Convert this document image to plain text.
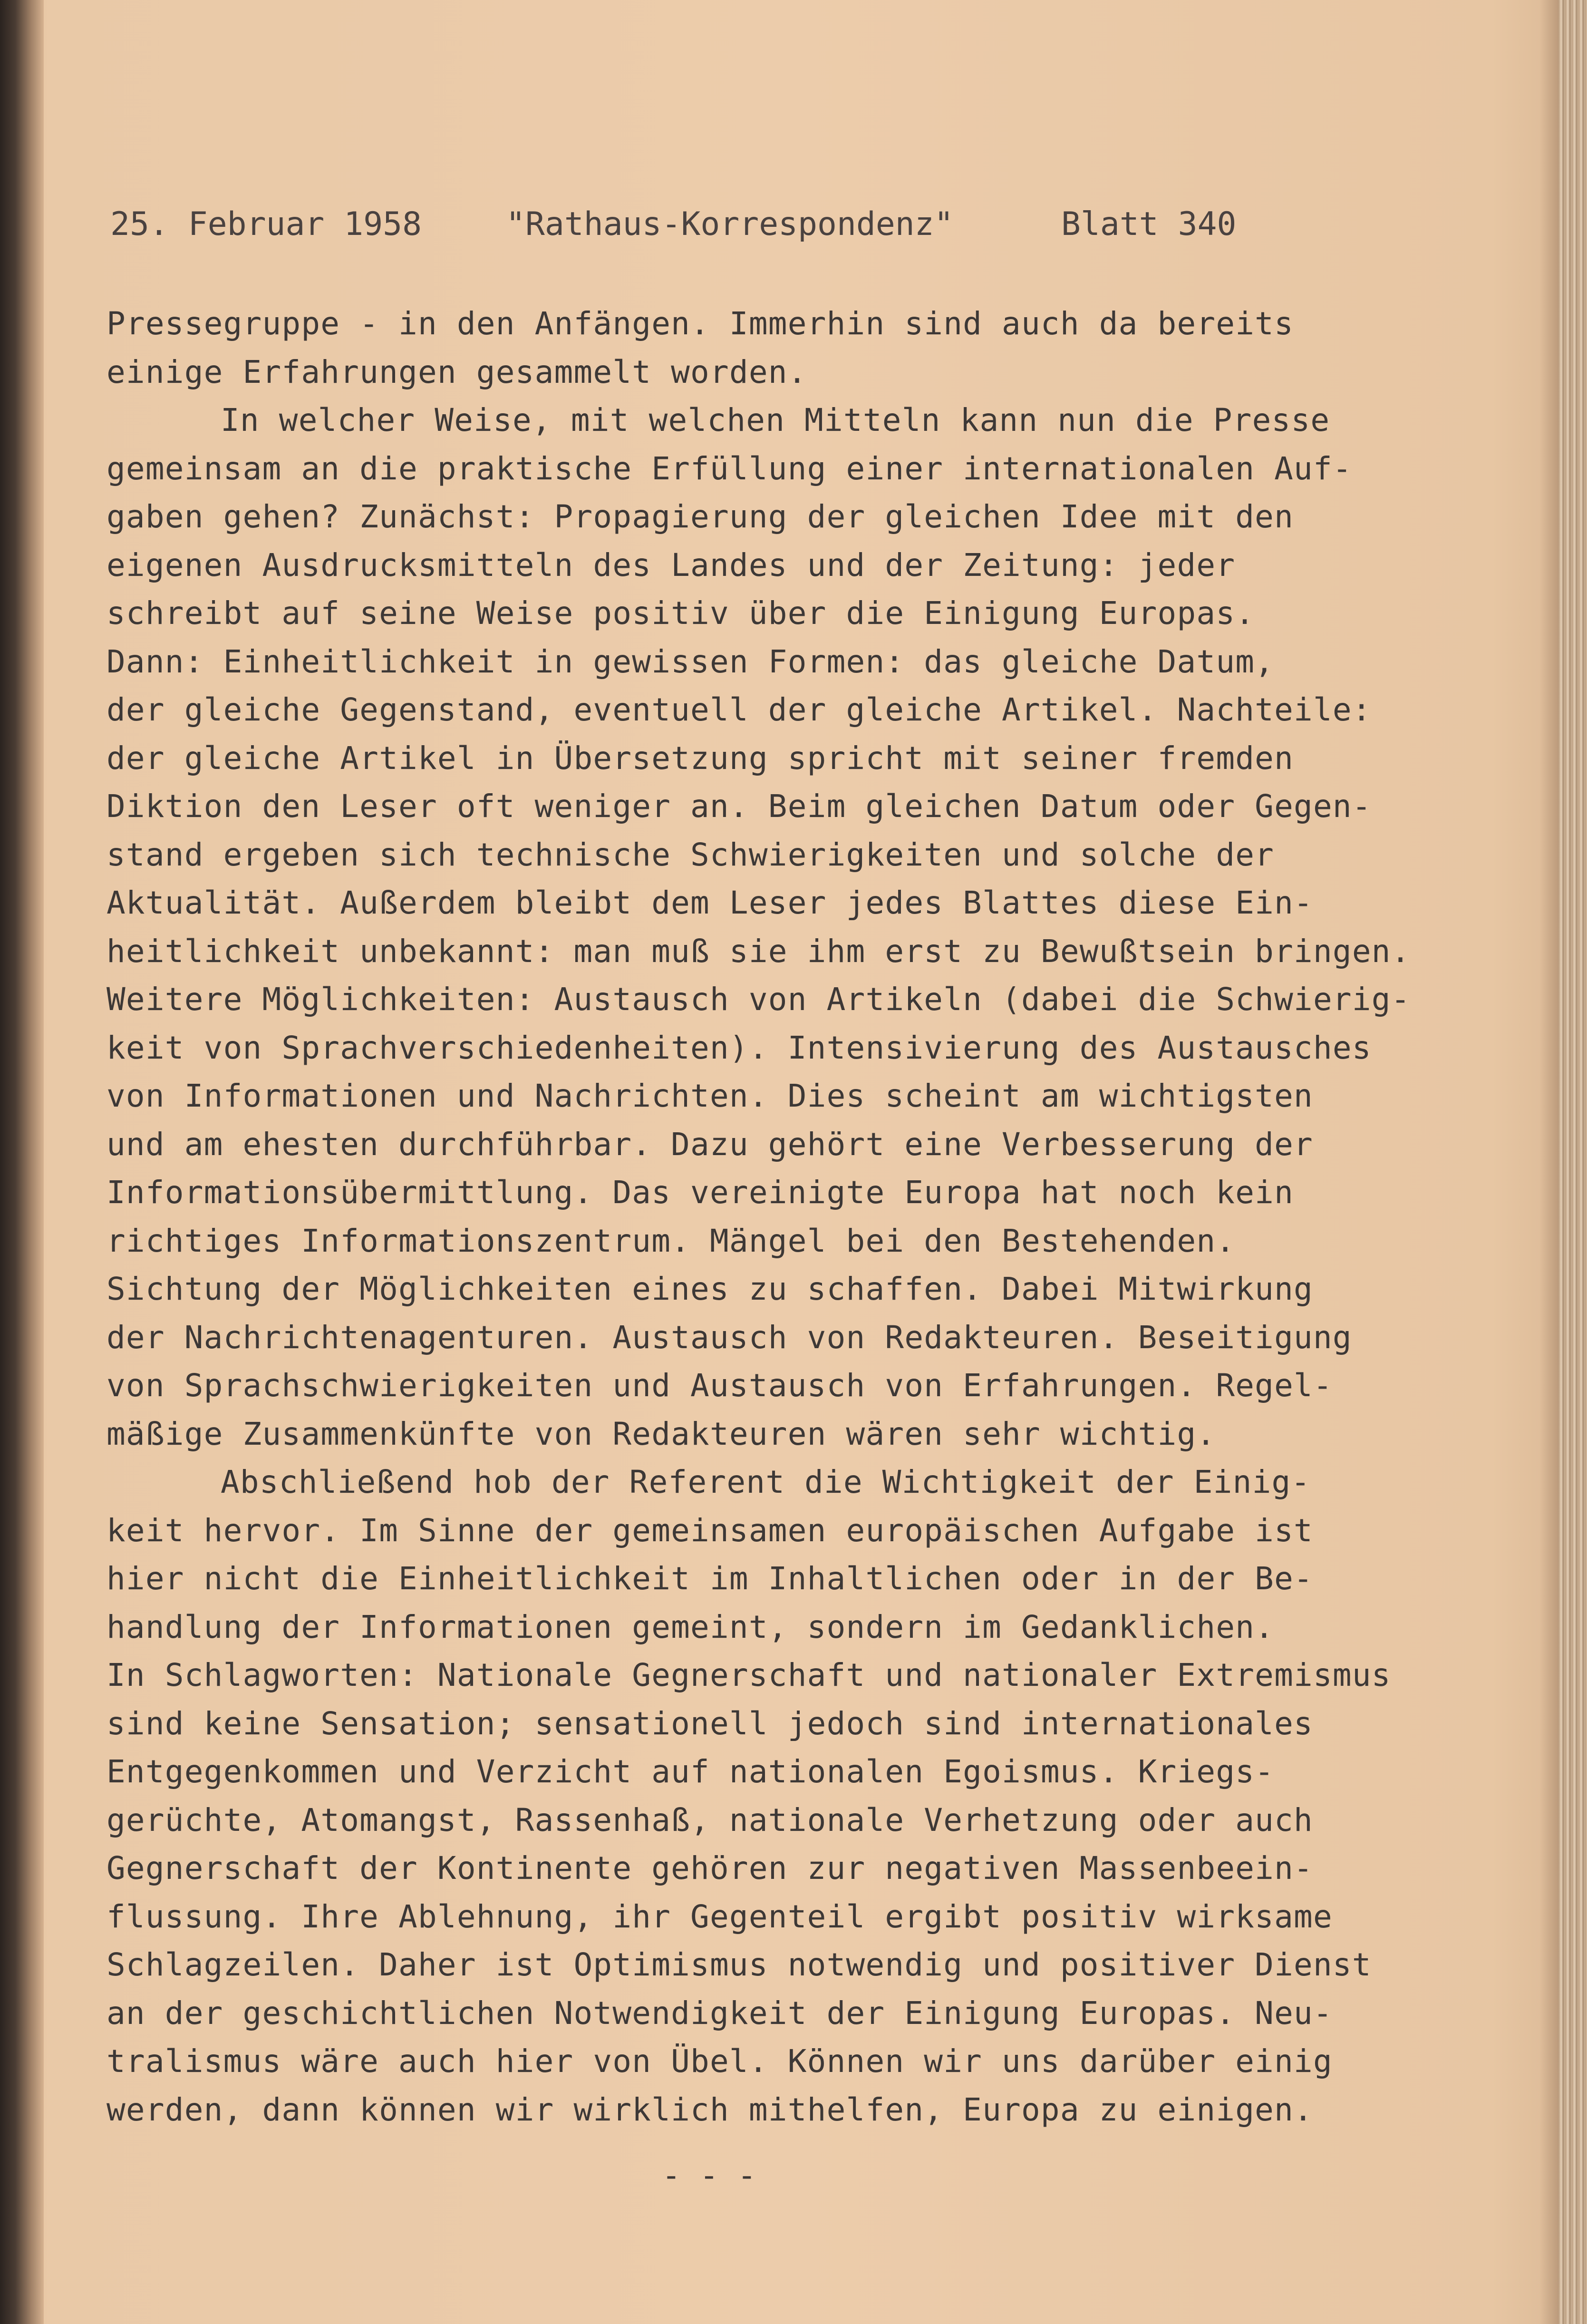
25. Februar 1958

	"Rathaus-Korrespondenz"

	Blatt 340

Pressegruppe - in den Anfängen. Immerhin sind auch da bereits
einige Erfahrungen gesammelt worden.
In welcher Weise, mit welchen Mitteln kann nun die Presse
gemeinsam an die praktische Erfüllung einer internationalen Auf-
gaben gehen? Zunächst: Propagierung der gleichen Idee mit den
eigenen Ausdrucksmitteln des Landes und der Zeitung: jeder
schreibt auf seine Weise positiv über die Einigung Europas.
Dann: Einheitlichkeit in gewissen Formen: das gleiche Datum,
der gleiche Gegenstand, eventuell der gleiche Artikel. Nachteile:
der gleiche Artikel in Übersetzung spricht mit seiner fremden
Diktion den Leser oft weniger an. Beim gleichen Datum oder Gegen-
stand ergeben sich technische Schwierigkeiten und solche der
Aktualität. Außerdem bleibt dem Leser jedes Blattes diese Ein-
heitlichkeit unbekannt: man muß sie ihm erst zu Bewußtsein bringen.
Weitere Möglichkeiten: Austausch von Artikeln (dabei die Schwierig-
keit von Sprachverschiedenheiten). Intensivierung des Austausches
von Informationen und Nachrichten. Dies scheint am wichtigsten
und am ehesten durchführbar. Dazu gehört eine Verbesserung der
Informationsübermittlung. Das vereinigte Europa hat noch kein
richtiges Informationszentrum. Mängel bei den Bestehenden.
Sichtung der Möglichkeiten eines zu schaffen. Dabei Mitwirkung
der Nachrichtenagenturen. Austausch von Redakteuren. Beseitigung
von Sprachschwierigkeiten und Austausch von Erfahrungen. Regel-
mäßige Zusammenkünfte von Redakteuren wären sehr wichtig.
Abschließend hob der Referent die Wichtigkeit der Einig-
keit hervor. Im Sinne der gemeinsamen europäischen Aufgabe ist
hier nicht die Einheitlichkeit im Inhaltlichen oder in der Be-
handlung der Informationen gemeint, sondern im Gedanklichen.
In Schlagworten: Nationale Gegnerschaft und nationaler Extremismus
sind keine Sensation; sensationell jedoch sind internationales
Entgegenkommen und Verzicht auf nationalen Egoismus. Kriegs-
gerüchte, Atomangst, Rassenhaß, nationale Verhetzung oder auch
Gegnerschaft der Kontinente gehören zur negativen Massenbeein-
flussung. Ihre Ablehnung, ihr Gegenteil ergibt positiv wirksame
Schlagzeilen. Daher ist Optimismus notwendig und positiver Dienst
an der geschichtlichen Notwendigkeit der Einigung Europas. Neu-
tralismus wäre auch hier von Übel. Können wir uns darüber einig
werden, dann können wir wirklich mithelfen, Europa zu einigen.
- - -
